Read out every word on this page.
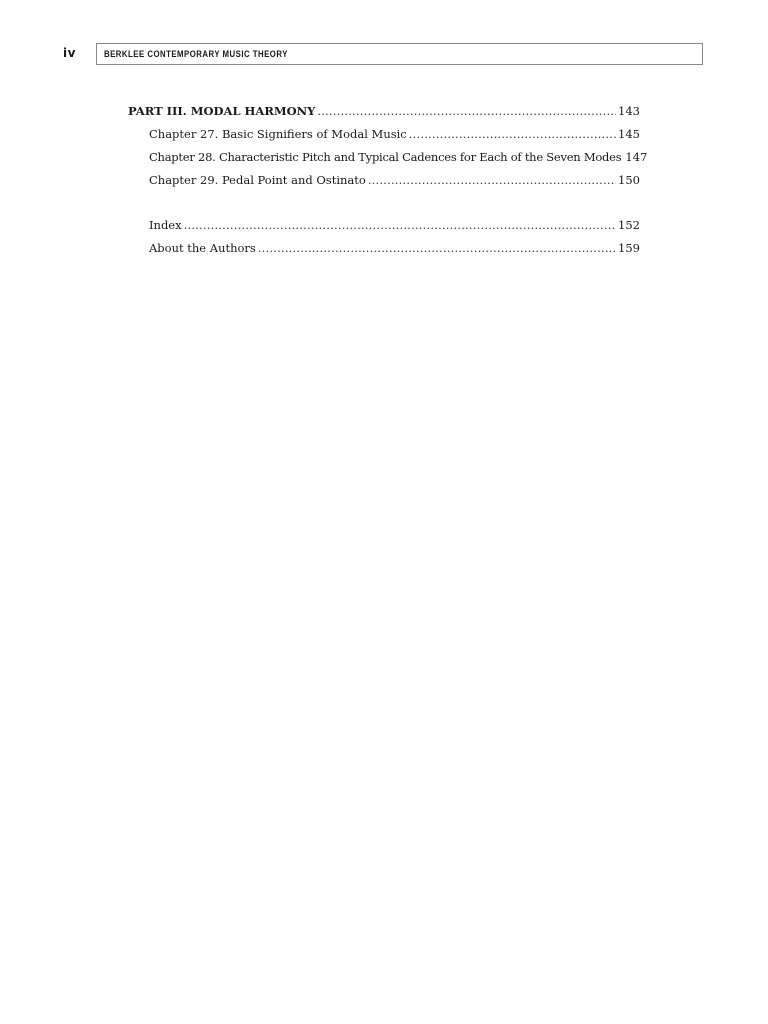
iv	BERKLEE CONTEMPORARY MUSIC THEORY
PART III. MODAL HARMONY .....	143
Chapter 27. Basic Signifiers of Modal Music .....	145
Chapter 28. Characteristic Pitch and Typical Cadences for Each of the Seven Modes 147
Chapter 29. Pedal Point and Ostinato .....	150
Index .....	152
About the Authors .....	159
